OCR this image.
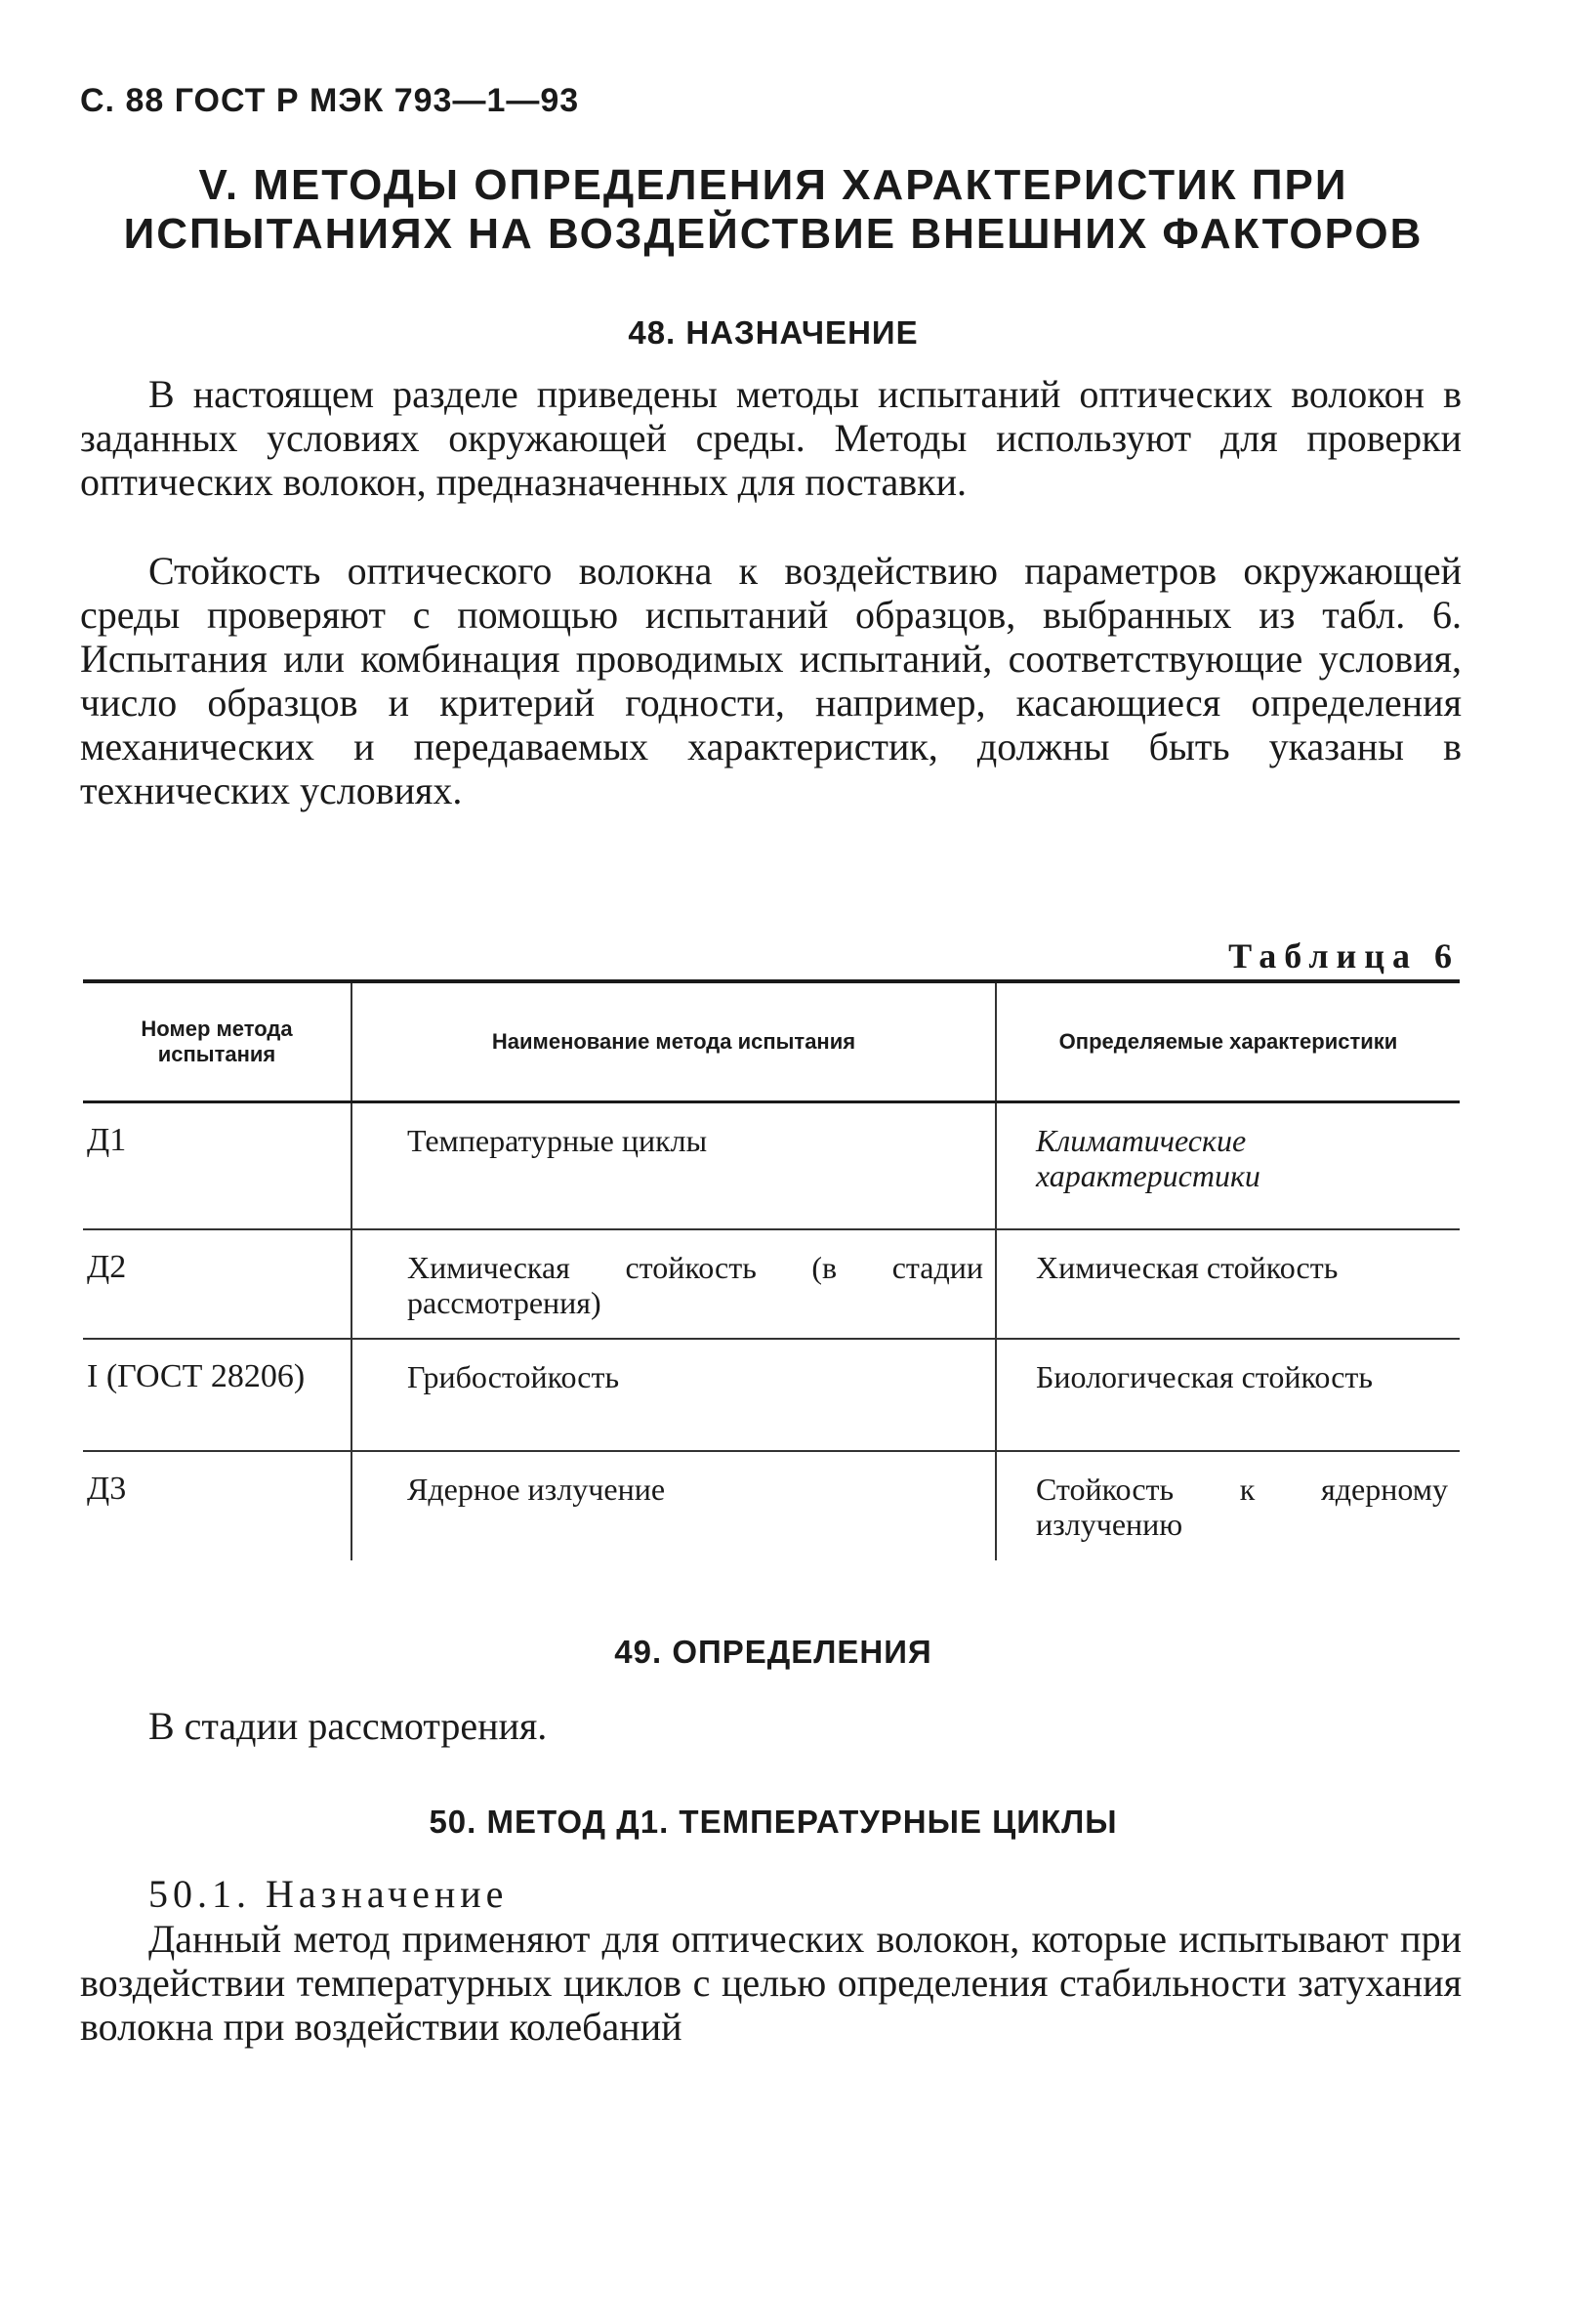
С. 88 ГОСТ Р МЭК 793—1—93
V. МЕТОДЫ ОПРЕДЕЛЕНИЯ ХАРАКТЕРИСТИК ПРИ
ИСПЫТАНИЯХ НА ВОЗДЕЙСТВИЕ ВНЕШНИХ ФАКТОРОВ
48. НАЗНАЧЕНИЕ

В настоящем разделе приведены методы испытаний оптических волокон в заданных условиях окружающей среды. Методы используют для проверки оптических волокон, предназначенных для поставки.

Стойкость оптического волокна к воздействию параметров окружающей среды проверяют с помощью испытаний образцов, выбранных из табл. 6. Испытания или комбинация проводимых испытаний, соответствующие условия, число образцов и критерий годности, например, касающиеся определения механических и передаваемых характеристик, должны быть указаны в технических условиях.

Таблица 6
Номер метода испытания	Наименование метода испытания	Определяемые характеристики
Д1	Температурные циклы	Климатические характеристики
Д2	Химическая стойкость (в стадии рассмотрения)	Химическая стойкость
I (ГОСТ 28206)	Грибостойкость	Биологическая стойкость
Д3	Ядерное излучение	Стойкость к ядерному излучению
49. ОПРЕДЕЛЕНИЯ

В стадии рассмотрения.

50. МЕТОД Д1. ТЕМПЕРАТУРНЫЕ ЦИКЛЫ

50.1. Назначение

Данный метод применяют для оптических волокон, которые испытывают при воздействии температурных циклов с целью определения стабильности затухания волокна при воздействии колебаний
